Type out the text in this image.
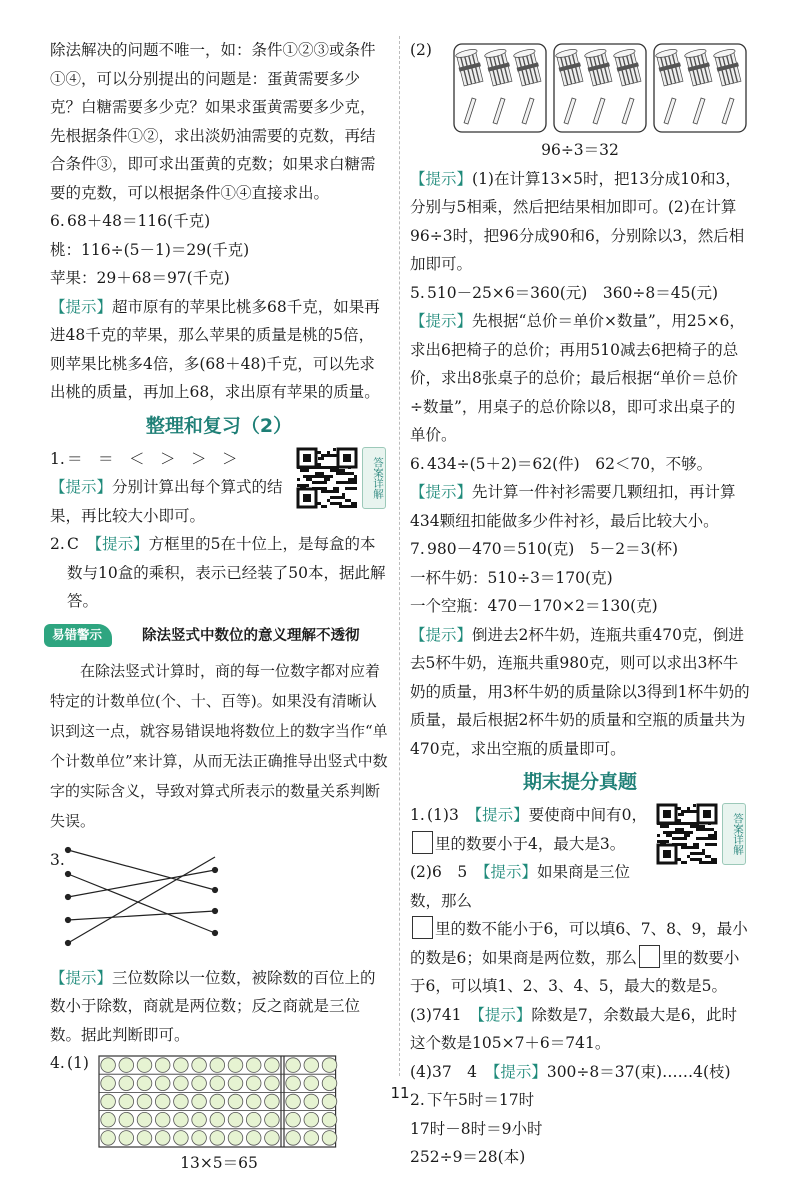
除法解决的问题不唯一，如：条件①②③或条件①④，可以分别提出的问题是：蛋黄需要多少克？白糖需要多少克？如果求蛋黄需要多少克，先根据条件①②，求出淡奶油需要的克数，再结合条件③，即可求出蛋黄的克数；如果求白糖需要的克数，可以根据条件①④直接求出。
6. 68＋48＝116(千克)
桃：116÷(5－1)＝29(千克)
苹果：29＋68＝97(千克)
【提示】超市原有的苹果比桃多68千克，如果再进48千克的苹果，那么苹果的质量是桃的5倍，则苹果比桃多4倍，多(68＋48)千克，可以先求出桃的质量，再加上68，求出原有苹果的质量。
整理和复习（2）
1. ＝　＝　＜　＞　＞　＞
【提示】分别计算出每个算式的结果，再比较大小即可。
答案详解
2. C　 【提示】方框里的5在十位上，是每盒的本数与10盒的乘积，表示已经装了50本，据此解答。
易错警示	除法竖式中数位的意义理解不透彻
在除法竖式计算时，商的每一位数字都对应着特定的计数单位(个、十、百等)。如果没有清晰认识到这一点，就容易错误地将数位上的数字当作“单个计数单位”来计算，从而无法正确推导出竖式中数字的实际含义，导致对算式所表示的数量关系判断失误。
3.
【提示】三位数除以一位数，被除数的百位上的数小于除数，商就是两位数；反之商就是三位数。据此判断即可。
4. (1)
13×5＝65
(2)
96÷3＝32
【提示】(1)在计算13×5时，把13分成10和3，分别与5相乘，然后把结果相加即可。(2)在计算96÷3时，把96分成90和6，分别除以3，然后相加即可。
5. 510－25×6＝360(元)　360÷8＝45(元)
【提示】先根据“总价＝单价×数量”，用25×6，求出6把椅子的总价；再用510减去6把椅子的总价，求出8张桌子的总价；最后根据“单价＝总价÷数量”，用桌子的总价除以8，即可求出桌子的单价。
6. 434÷(5＋2)＝62(件)　62＜70，不够。
【提示】先计算一件衬衫需要几颗纽扣，再计算434颗纽扣能做多少件衬衫，最后比较大小。
7. 980－470＝510(克)　5－2＝3(杯)
一杯牛奶：510÷3＝170(克)
一个空瓶：470－170×2＝130(克)
【提示】倒进去2杯牛奶，连瓶共重470克，倒进去5杯牛奶，连瓶共重980克，则可以求出3杯牛奶的质量，用3杯牛奶的质量除以3得到1杯牛奶的质量，最后根据2杯牛奶的质量和空瓶的质量共为470克，求出空瓶的质量即可。
期末提分真题
答案详解
1. (1)3　 【提示】要使商中间有0，
里的数要小于4，最大是3。
(2)6　5　 【提示】如果商是三位数，那么
里的数不能小于6，可以填6、7、8、9，最小的数是6；如果商是两位数，那么 里的数要小于6，可以填1、2、3、4、5，最大的数是5。
(3)741　 【提示】除数是7，余数最大是6，此时这个数是105×7＋6＝741。
(4)37　4　 【提示】300÷8＝37(束)……4(枝)
2. 下午5时＝17时
17时－8时＝9小时
252÷9＝28(本)
11
